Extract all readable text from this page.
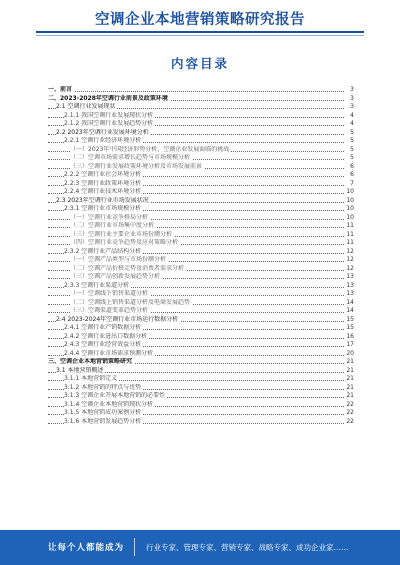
空调企业本地营销策略研究报告
内容目录
一、前言	3
二、2023-2028年空调行业前景及政策环境	3
2.1 空调行业发展现状	3
2.1.1 我国空调行业发展现状分析	4
2.1.2 我国空调行业发展趋势分析	4
2.2 2023年空调行业发展环境分析	5
2.2.1 空调行业经济环境分析	5
（一）2023年中国经济形势分析，空调企业发展面临的挑战	5
（二）空调市场需求增长趋势与市场规模分析	5
（三）空调行业发展政策环境分析及市场发展前景	6
2.2.2 空调行业社会环境分析	6
2.2.3 空调行业政策环境分析	7
2.2.4 空调行业技术环境分析	10
2.3 2023年空调行业市场发展状况	10
2.3.1 空调行业市场规模分析	10
（一）空调行业竞争格局分析	10
（二）空调行业市场集中度分析	11
（三）空调行业主要企业市场份额分析	11
（四）空调行业竞争趋势及应对策略分析	11
2.3.2 空调行业产品结构分析	12
（一）空调产品类型与市场份额分析	12
（二）空调产品价格走势及消费者需求分析	12
（三）空调产品创新发展趋势分析	13
2.3.3 空调行业渠道分析	13
（一）空调线下销售渠道分析	13
（二）空调线上销售渠道分析及电商发展趋势	14
（三）空调渠道变革趋势分析	14
2.4 2023-2024年空调行业市场运行数据分析	15
2.4.1 空调行业产销数据分析	15
2.4.2 空调行业进出口数据分析	16
2.4.3 空调行业经营效益分析	17
2.4.4 空调行业市场需求预测分析	20
三、空调企业本地营销策略研究	21
3.1 本地营销概述	21
3.1.1 本地营销定义	21
3.1.2 本地营销的特点与优势	21
3.1.3 空调企业开展本地营销的必要性	21
3.1.4 空调企业本地营销现状分析	22
3.1.5 本地营销成功案例分析	22
3.1.6 本地营销发展趋势分析	22
让每个人都能成为	行业专家、管理专家、营销专家、战略专家、成功企业家……
